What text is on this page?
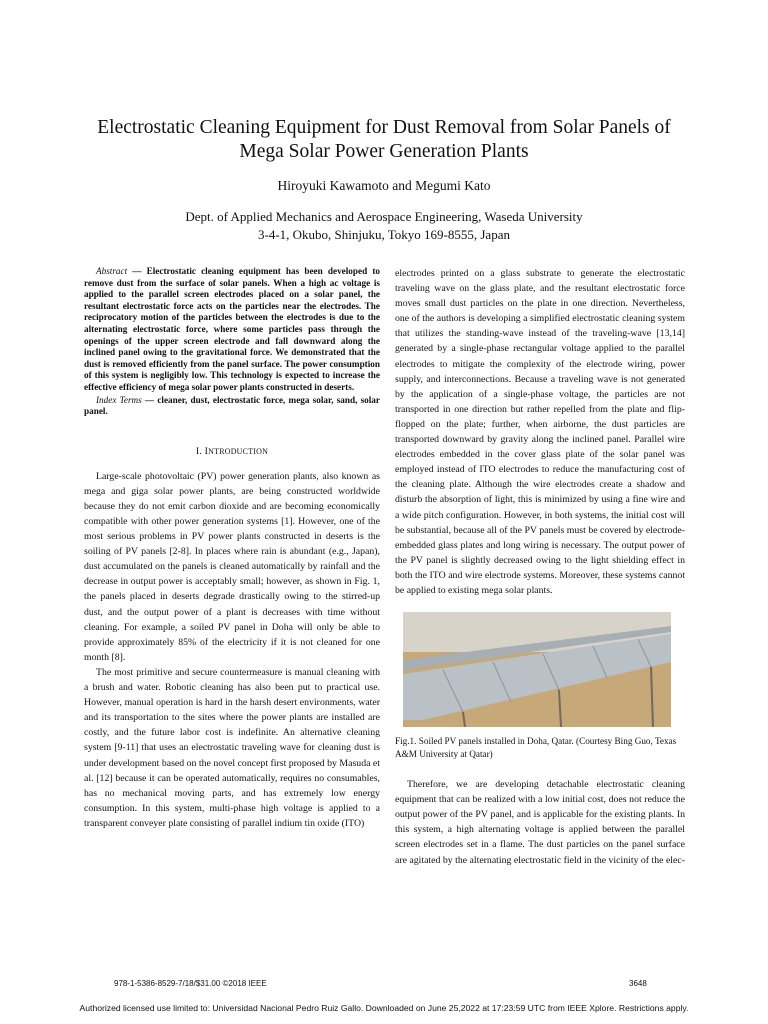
Electrostatic Cleaning Equipment for Dust Removal from Solar Panels of Mega Solar Power Generation Plants

Hiroyuki Kawamoto and Megumi Kato

Dept. of Applied Mechanics and Aerospace Engineering, Waseda University
3-4-1, Okubo, Shinjuku, Tokyo 169-8555, Japan

Abstract — Electrostatic cleaning equipment has been developed to remove dust from the surface of solar panels. When a high ac voltage is applied to the parallel screen electrodes placed on a solar panel, the resultant electrostatic force acts on the particles near the electrodes. The reciprocatory motion of the particles between the electrodes is due to the alternating electrostatic force, where some particles pass through the openings of the upper screen electrode and fall downward along the inclined panel owing to the gravitational force. We demonstrated that the dust is removed efficiently from the panel surface. The power consumption of this system is negligibly low. This technology is expected to increase the effective efficiency of mega solar power plants constructed in deserts.

Index Terms — cleaner, dust, electrostatic force, mega solar, sand, solar panel.

I. INTRODUCTION

Large-scale photovoltaic (PV) power generation plants, also known as mega and giga solar power plants, are being constructed worldwide because they do not emit carbon dioxide and are becoming economically compatible with other power generation systems [1]. However, one of the most serious problems in PV power plants constructed in deserts is the soiling of PV panels [2-8]. In places where rain is abundant (e.g., Japan), dust accumulated on the panels is cleaned automatically by rainfall and the decrease in output power is acceptably small; however, as shown in Fig. 1, the panels placed in deserts degrade drastically owing to the stirred-up dust, and the output power of a plant is decreases with time without cleaning. For example, a soiled PV panel in Doha will only be able to provide approximately 85% of the electricity if it is not cleaned for one month [8].

The most primitive and secure countermeasure is manual cleaning with a brush and water. Robotic cleaning has also been put to practical use. However, manual operation is hard in the harsh desert environments, water and its transportation to the sites where the power plants are installed are costly, and the future labor cost is indefinite. An alternative cleaning system [9-11] that uses an electrostatic traveling wave for cleaning dust is under development based on the novel concept first proposed by Masuda et al. [12] because it can be operated automatically, requires no consumables, has no mechanical moving parts, and has extremely low energy consumption. In this system, multi-phase high voltage is applied to a transparent conveyer plate consisting of parallel indium tin oxide (ITO)

electrodes printed on a glass substrate to generate the electrostatic traveling wave on the glass plate, and the resultant electrostatic force moves small dust particles on the plate in one direction. Nevertheless, one of the authors is developing a simplified electrostatic cleaning system that utilizes the standing-wave instead of the traveling-wave [13,14] generated by a single-phase rectangular voltage applied to the parallel electrodes to mitigate the complexity of the electrode wiring, power supply, and interconnections. Because a traveling wave is not generated by the application of a single-phase voltage, the particles are not transported in one direction but rather repelled from the plate and flip-flopped on the plate; further, when airborne, the dust particles are transported downward by gravity along the inclined panel. Parallel wire electrodes embedded in the cover glass plate of the solar panel was employed instead of ITO electrodes to reduce the manufacturing cost of the cleaning plate. Although the wire electrodes create a shadow and disturb the absorption of light, this is minimized by using a fine wire and a wide pitch configuration. However, in both systems, the initial cost will be substantial, because all of the PV panels must be covered by electrode-embedded glass plates and long wiring is necessary. The output power of the PV panel is slightly decreased owing to the light shielding effect in both the ITO and wire electrode systems. Moreover, these systems cannot be applied to existing mega solar plants.

Fig.1. Soiled PV panels installed in Doha, Qatar. (Courtesy Bing Guo, Texas A&M University at Qatar)

Therefore, we are developing detachable electrostatic cleaning equipment that can be realized with a low initial cost, does not reduce the output power of the PV panel, and is applicable for the existing plants. In this system, a high alternating voltage is applied between the parallel screen electrodes set in a flame. The dust particles on the panel surface are agitated by the alternating electrostatic field in the vicinity of the elec-

978-1-5386-8529-7/18/$31.00 ©2018 IEEE	3648

Authorized licensed use limited to: Universidad Nacional Pedro Ruiz Gallo. Downloaded on June 25,2022 at 17:23:59 UTC from IEEE Xplore. Restrictions apply.
